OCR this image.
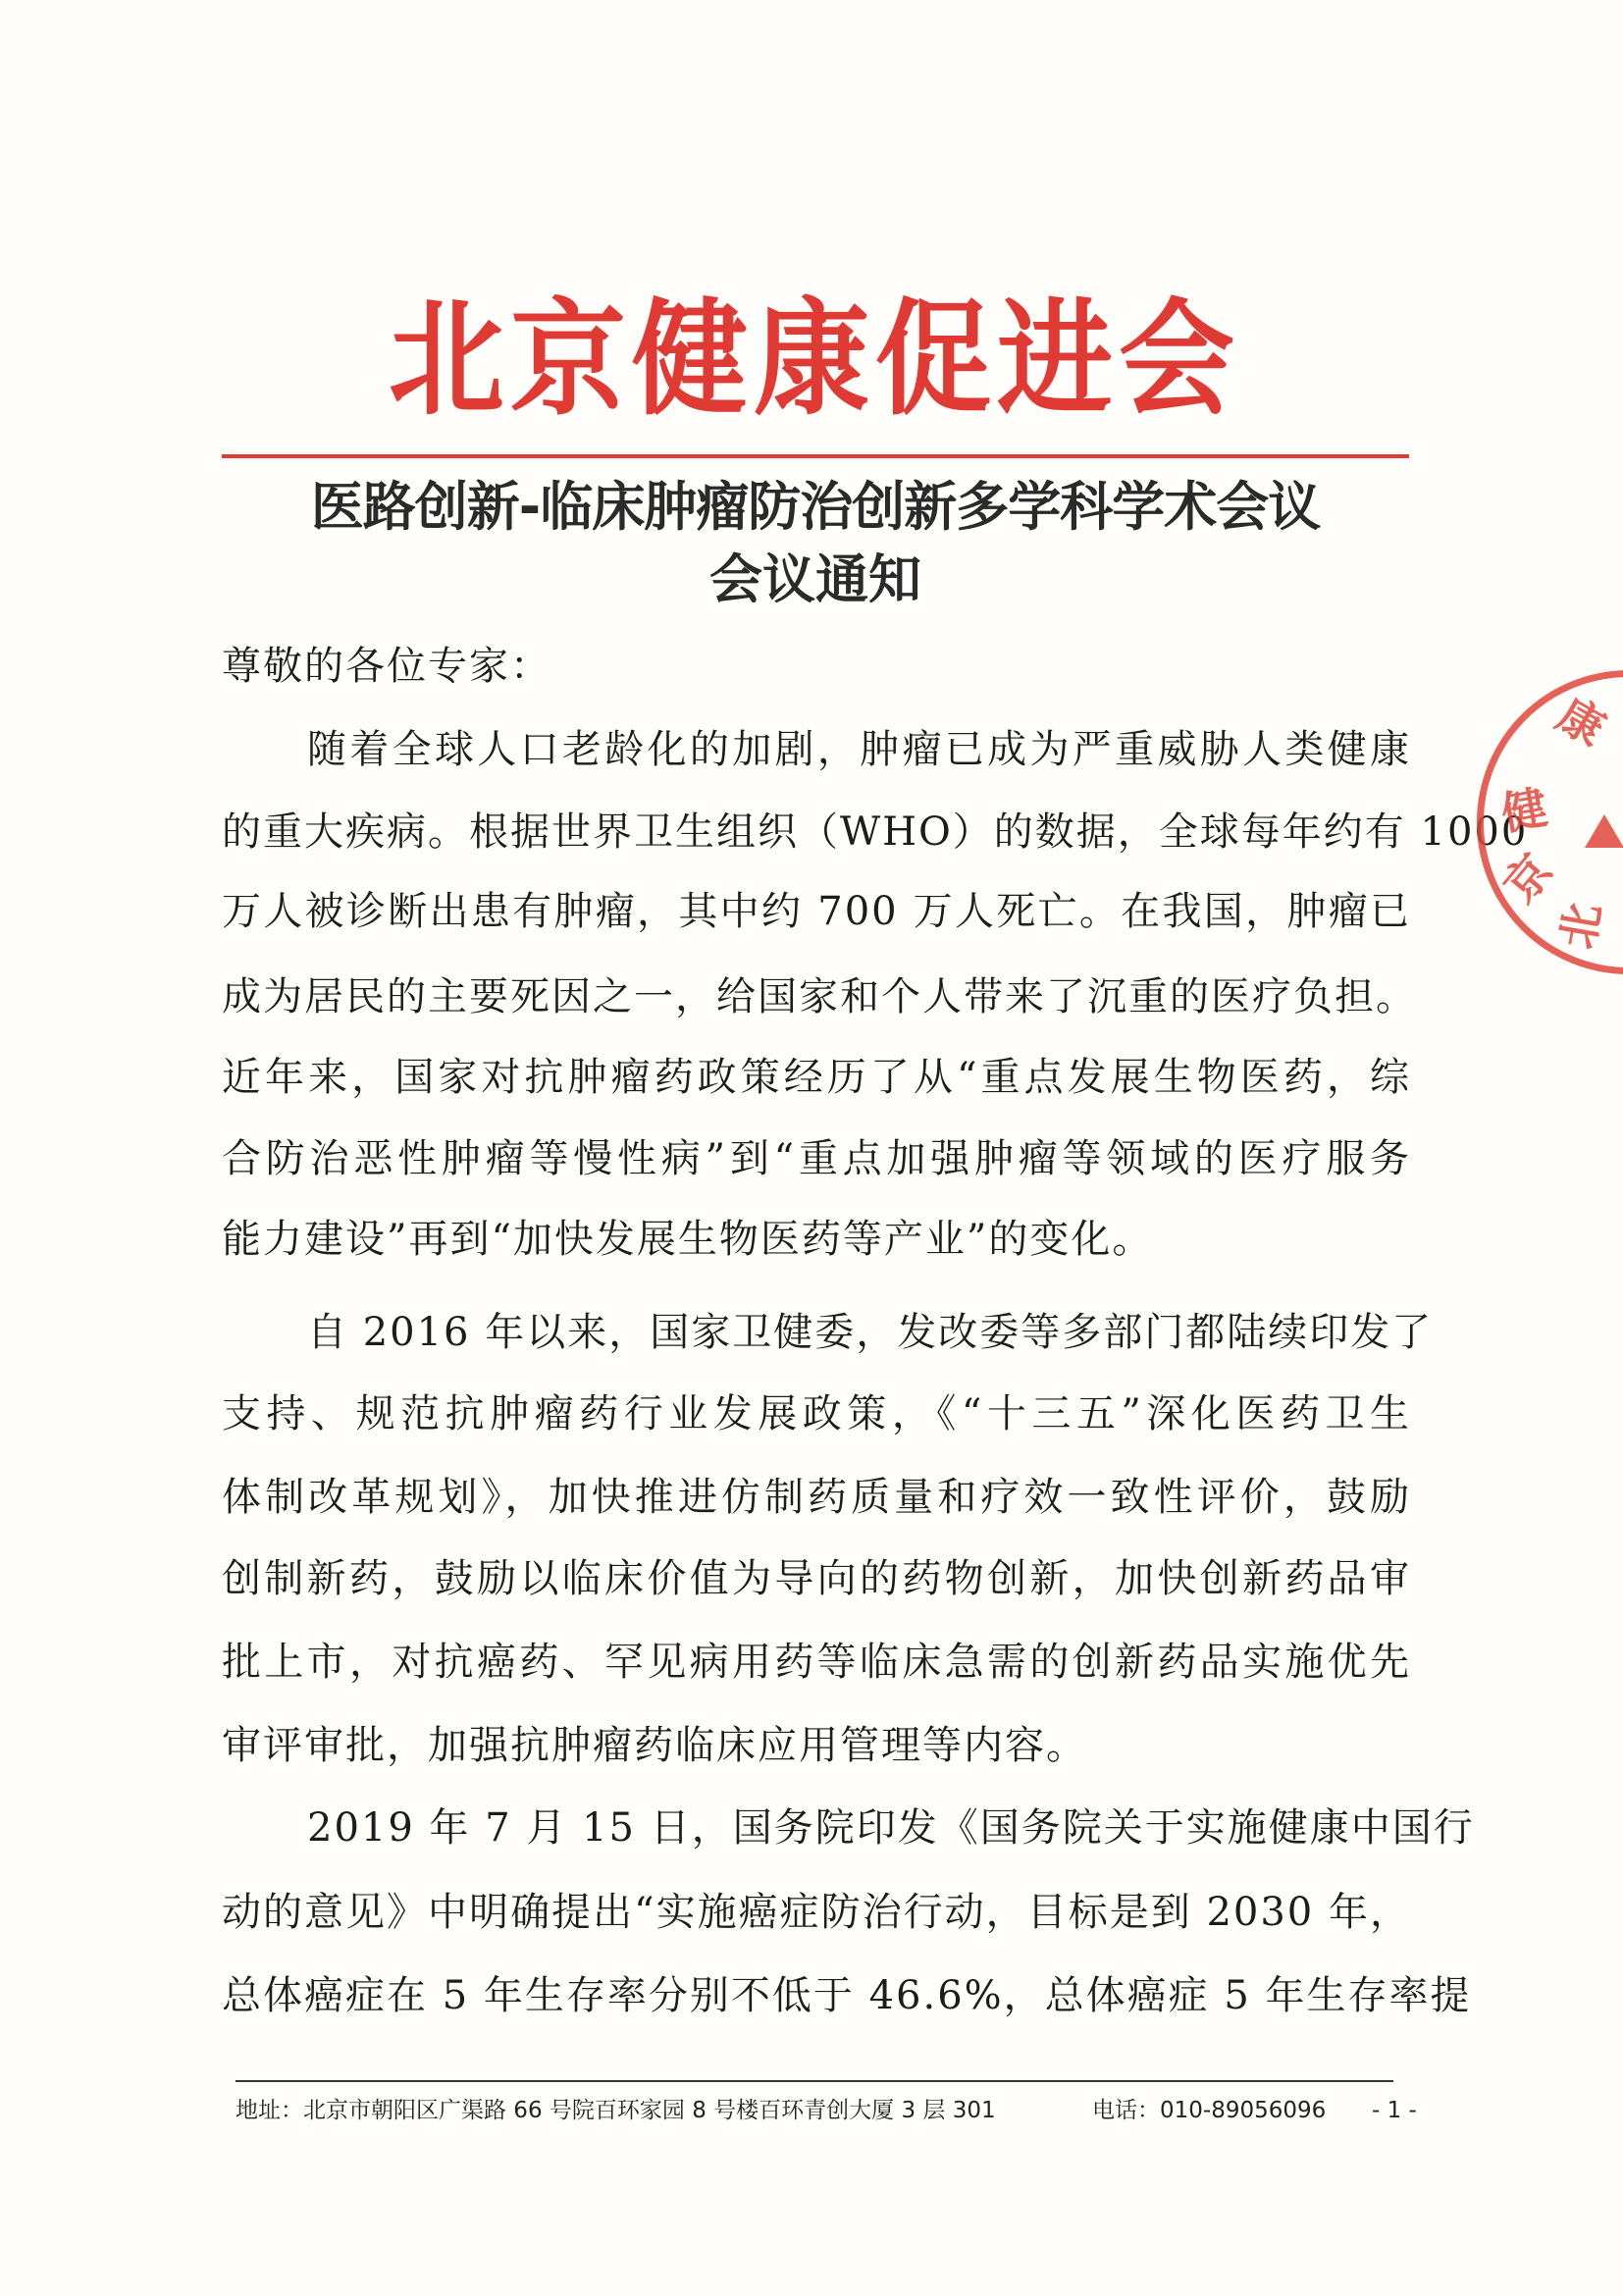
北京健康促进会
医路创新-临床肿瘤防治创新多学科学术会议
会议通知
尊敬的各位专家：
随着全球人口老龄化的加剧，肿瘤已成为严重威胁人类健康
的重大疾病。根据世界卫生组织（WHO）的数据，全球每年约有 1000
万人被诊断出患有肿瘤，其中约 700 万人死亡。在我国，肿瘤已
成为居民的主要死因之一，给国家和个人带来了沉重的医疗负担。
近年来，国家对抗肿瘤药政策经历了从“重点发展生物医药，综
合防治恶性肿瘤等慢性病”到“重点加强肿瘤等领域的医疗服务
能力建设”再到“加快发展生物医药等产业”的变化。
自 2016 年以来，国家卫健委，发改委等多部门都陆续印发了
支持、规范抗肿瘤药行业发展政策，《“十三五”深化医药卫生
体制改革规划》，加快推进仿制药质量和疗效一致性评价，鼓励
创制新药，鼓励以临床价值为导向的药物创新，加快创新药品审
批上市，对抗癌药、罕见病用药等临床急需的创新药品实施优先
审评审批，加强抗肿瘤药临床应用管理等内容。
2019 年 7 月 15 日，国务院印发《国务院关于实施健康中国行
动的意见》中明确提出“实施癌症防治行动，目标是到 2030 年，
总体癌症在 5 年生存率分别不低于 46.6%，总体癌症 5 年生存率提
康
健
京
北
地址：北京市朝阳区广渠路 66 号院百环家园 8 号楼百环青创大厦 3 层 301	电话：010-89056096 - 1 -
